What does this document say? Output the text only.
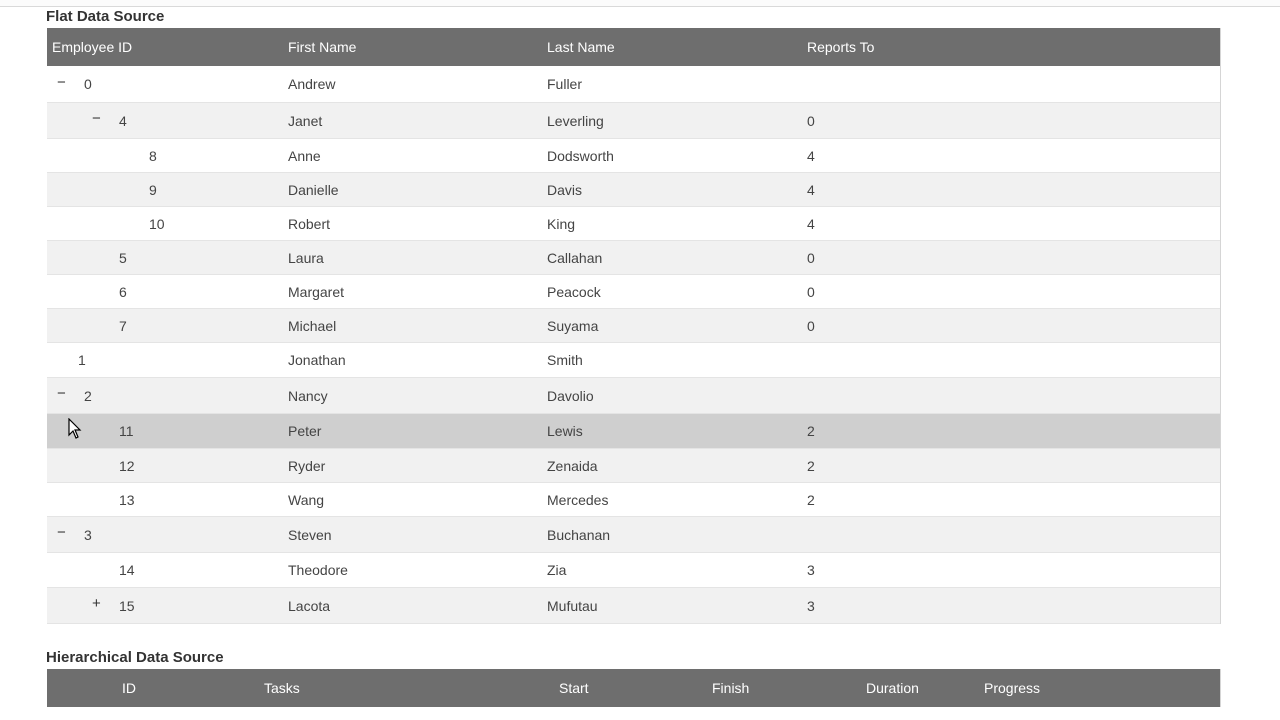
Flat Data Source
Employee ID	First Name	Last Name	Reports To
− 0	Andrew	Fuller
− 4	Janet	Leverling	0
8	Anne	Dodsworth	4
9	Danielle	Davis	4
10	Robert	King	4
5	Laura	Callahan	0
6	Margaret	Peacock	0
7	Michael	Suyama	0
1	Jonathan	Smith
− 2	Nancy	Davolio
11	Peter	Lewis	2
12	Ryder	Zenaida	2
13	Wang	Mercedes	2
− 3	Steven	Buchanan
14	Theodore	Zia	3
+ 15	Lacota	Mufutau	3
Hierarchical Data Source
ID	Tasks	Start	Finish	Duration	Progress
